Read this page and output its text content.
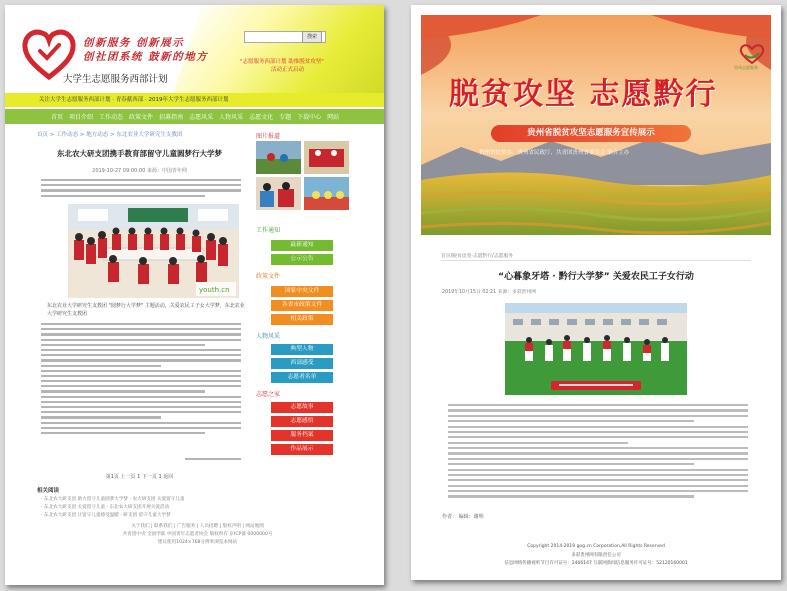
创新服务 创新展示
创社团系统 鼓新的地方
大学生志愿服务西部计划
搜索
"志愿服务西部计划 助推脱贫攻坚"
活动正式启动
关注大学生志愿服务西部计划 · 青春献西部 · 2019年大学生志愿服务西部计划
首页 项目介绍 工作动态 政策文件 招募指南 志愿风采 人物风采 志愿文化 专题 下载中心 网站
首页 > 工作动态 > 地方动态 > 东北农业大学研究生支教团
东北农大研支团携手教育部留守儿童圆梦行大学梦
2019-10-27 09:00:00 来源：中国青年网
youth.cn
东北农业大学研究生支教团 "圆梦行大学梦" 主题活动，关爱农民工子女大学梦，东北农业大学研究生支教团
第1页 上一页 1 下一页 1 返回
相关阅读
· 东北农大研支团 助力留守儿童圆梦大学梦 · 农大研支团 关爱留守儿童
· 东北农大研支团 关爱留守儿童 · 东北农大研支团开展关爱活动
· 东北农大研支团 让留守儿童感受温暖 · 研支团 留守儿童大学梦
关于我们 | 联系我们 | 广告服务 | 人员招聘 | 版权声明 | 网站地图
共青团中央 全国学联 中国青年志愿者协会 版权所有 京ICP备 0000000号
建议使用1024×768分辨率浏览本网站
图片报道
工作通知
最新通知
公示公告
政策文件
国家中央文件
各省市政策文件
相关政策
人物风采
典型人物
西部感受
志愿者名单
志愿之家
志愿故事
志愿感悟
服务档案
作品展示
脱贫攻坚 志愿黔行
贵州省脱贫攻坚志愿服务宣传展示
贵州省扶贫办、贵州省民政厅、共青团贵州省委员会 联合主办
贵州志愿服务
首页/脱贫攻坚·志愿黔行/志愿服务
“心暮象牙塔 · 黔行大学梦” 关爱农民工子女行动
2019年10月15日 02:21 来源：多彩贵州网
作者： 编辑：谢明
Copyright 2014-2019 gog.cn Corporation,All Rights Reserved
多彩贵州网有限责任公司
信息网络传播视听节目许可证号：2406147 互联网新闻信息服务许可证号：52120160001
